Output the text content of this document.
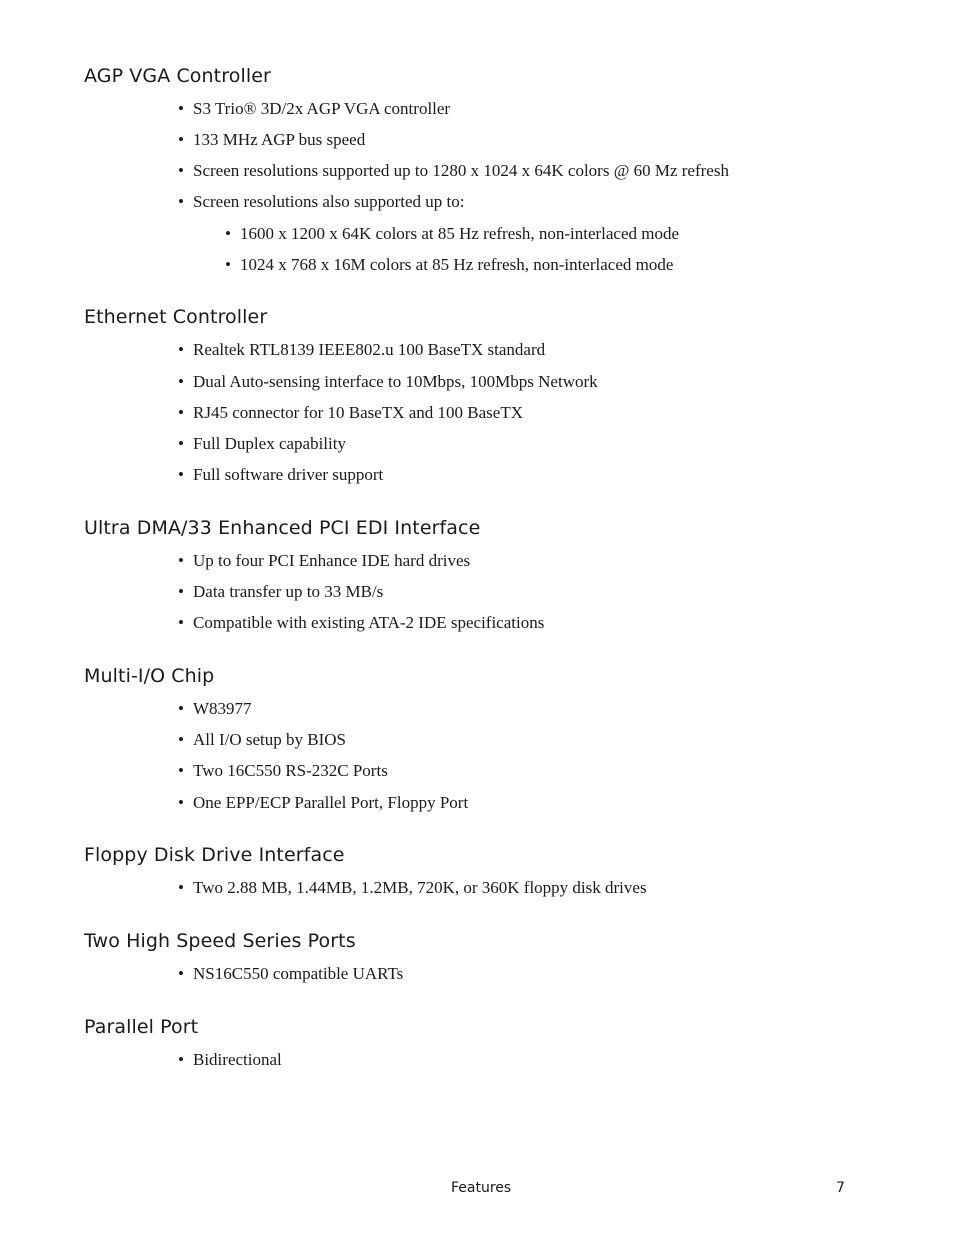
AGP VGA Controller
• S3 Trio® 3D/2x AGP VGA controller
• 133 MHz AGP bus speed
• Screen resolutions supported up to 1280 x 1024 x 64K colors @ 60 Mz refresh
• Screen resolutions also supported up to:
• 1600 x 1200 x 64K colors at 85 Hz refresh, non-interlaced mode
• 1024 x 768 x 16M colors at 85 Hz refresh, non-interlaced mode
Ethernet Controller
• Realtek RTL8139 IEEE802.u 100 BaseTX standard
• Dual Auto-sensing interface to 10Mbps, 100Mbps Network
• RJ45 connector for 10 BaseTX and 100 BaseTX
• Full Duplex capability
• Full software driver support
Ultra DMA/33 Enhanced PCI EDI Interface
• Up to four PCI Enhance IDE hard drives
• Data transfer up to 33 MB/s
• Compatible with existing ATA-2 IDE specifications
Multi-I/O Chip
• W83977
• All I/O setup by BIOS
• Two 16C550 RS-232C Ports
• One EPP/ECP Parallel Port, Floppy Port
Floppy Disk Drive Interface
• Two 2.88 MB, 1.44MB, 1.2MB, 720K, or 360K floppy disk drives
Two High Speed Series Ports
• NS16C550 compatible UARTs
Parallel Port
• Bidirectional
Features	7
